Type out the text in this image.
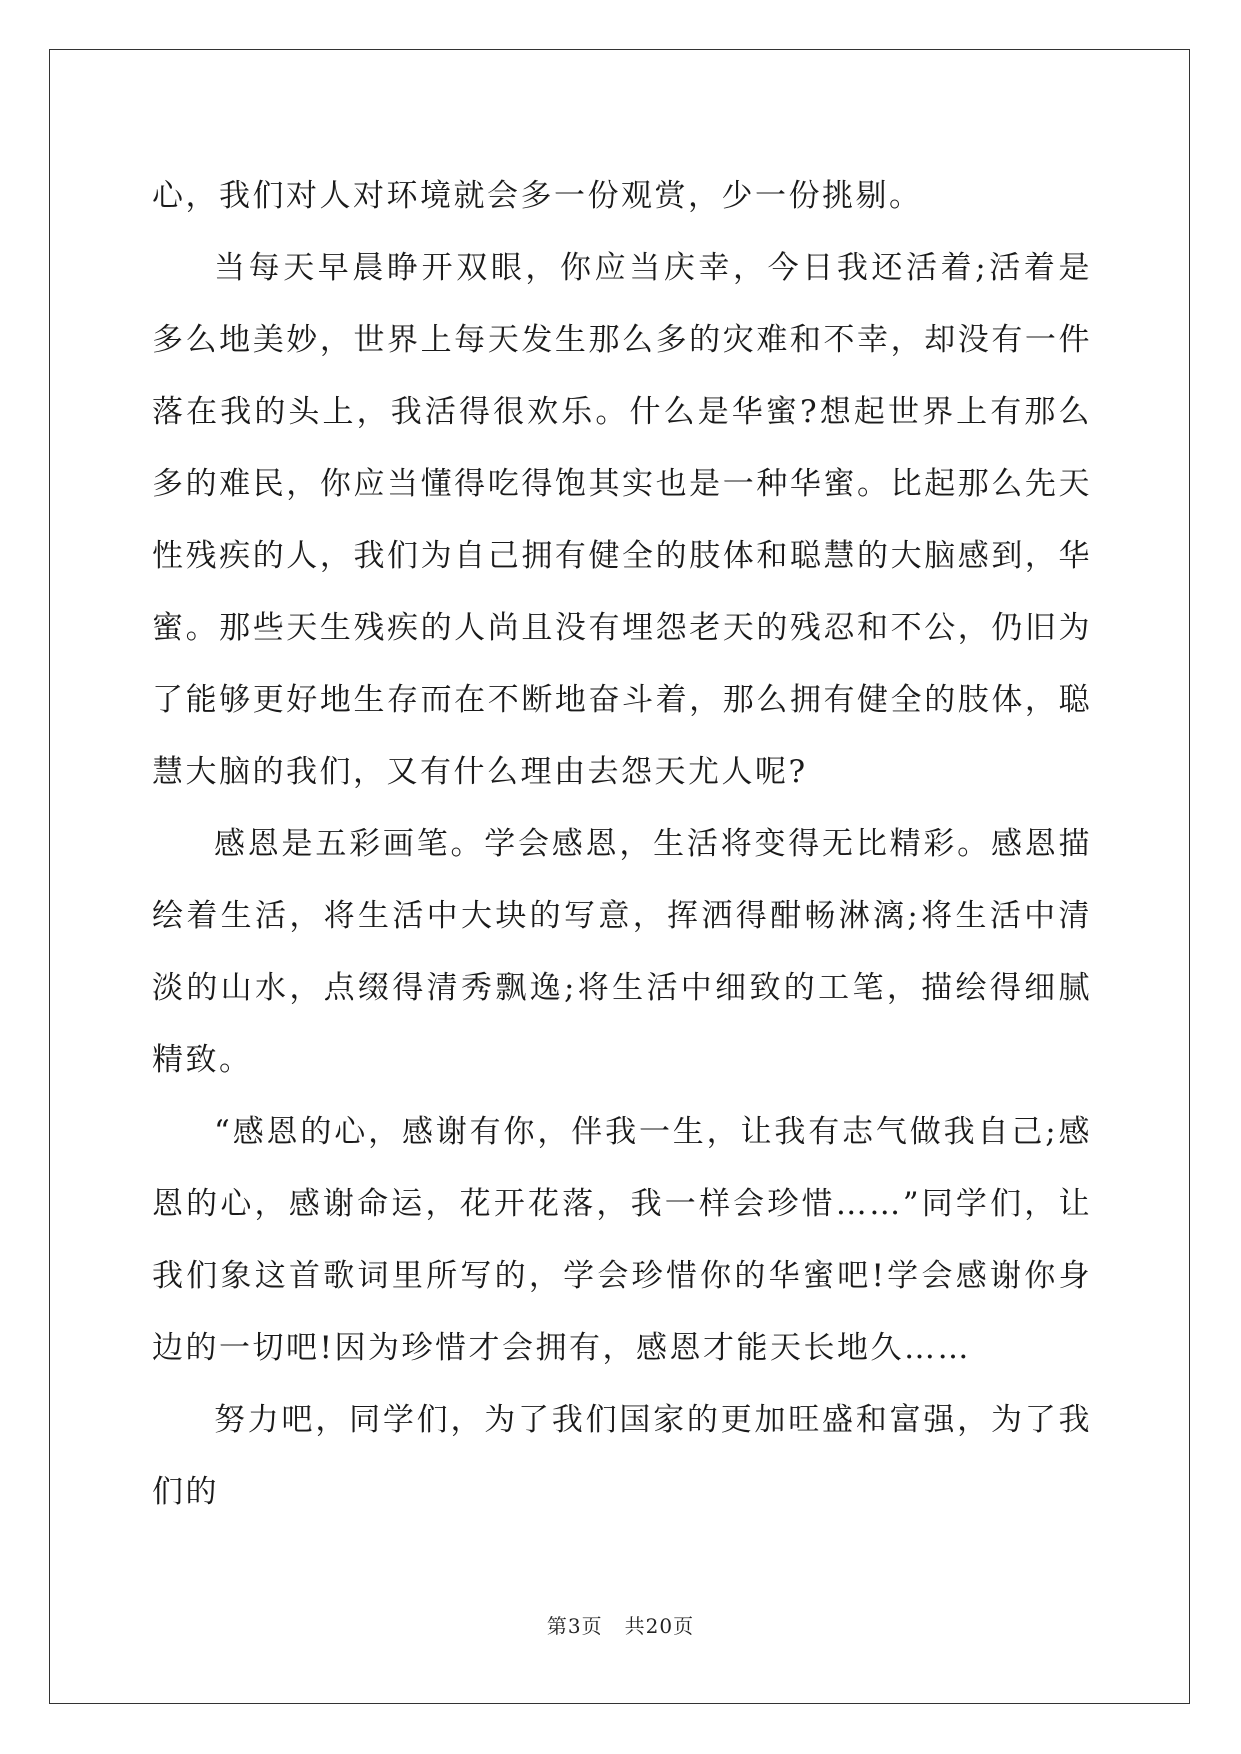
心，我们对人对环境就会多一份观赏，少一份挑剔。

当每天早晨睁开双眼，你应当庆幸，今日我还活着;活着是多么地美妙，世界上每天发生那么多的灾难和不幸，却没有一件落在我的头上，我活得很欢乐。什么是华蜜?想起世界上有那么多的难民，你应当懂得吃得饱其实也是一种华蜜。比起那么先天性残疾的人，我们为自己拥有健全的肢体和聪慧的大脑感到，华蜜。那些天生残疾的人尚且没有埋怨老天的残忍和不公，仍旧为了能够更好地生存而在不断地奋斗着，那么拥有健全的肢体，聪慧大脑的我们，又有什么理由去怨天尤人呢?

感恩是五彩画笔。学会感恩，生活将变得无比精彩。感恩描绘着生活，将生活中大块的写意，挥洒得酣畅淋漓;将生活中清淡的山水，点缀得清秀飘逸;将生活中细致的工笔，描绘得细腻精致。

“感恩的心，感谢有你，伴我一生，让我有志气做我自己;感恩的心，感谢命运，花开花落，我一样会珍惜……”同学们，让我们象这首歌词里所写的，学会珍惜你的华蜜吧!学会感谢你身边的一切吧!因为珍惜才会拥有，感恩才能天长地久……

努力吧，同学们，为了我们国家的更加旺盛和富强，为了我们的

第3页 共20页
